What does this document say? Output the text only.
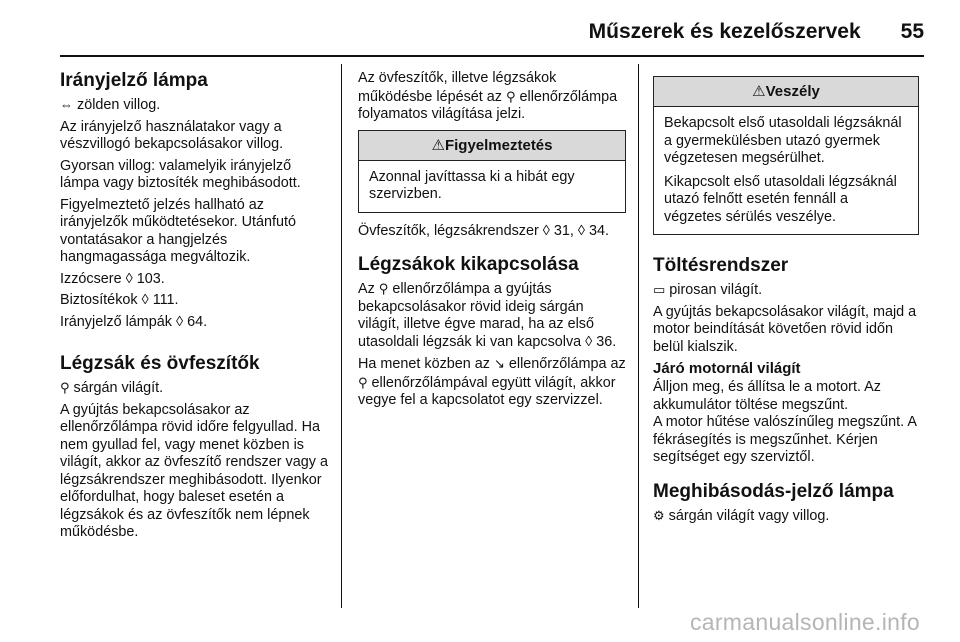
Műszerek és kezelőszervek 55
Irányjelző lámpa

⇔ zölden villog.

Az irányjelző használatakor vagy a vészvillogó bekapcsolásakor villog.

Gyorsan villog: valamelyik irányjelző lámpa vagy biztosíték meghibásodott.

Figyelmeztető jelzés hallható az irányjelzők működtetésekor. Utánfutó vontatásakor a hangjelzés hangmagassága megváltozik.

Izzócsere ◊ 103.

Biztosítékok ◊ 111.

Irányjelző lámpák ◊ 64.

Légzsák és övfeszítők

⚲ sárgán világít.

A gyújtás bekapcsolásakor az ellenőrzőlámpa rövid időre felgyullad. Ha nem gyullad fel, vagy menet közben is világít, akkor az övfeszítő rendszer vagy a légzsákrendszer meghibásodott. Ilyenkor előfordulhat, hogy baleset esetén a légzsákok és az övfeszítők nem lépnek működésbe.

Az övfeszítők, illetve légzsákok működésbe lépését az ⚲ ellenőrzőlámpa folyamatos világítása jelzi.

⚠Figyelmeztetés

Azonnal javíttassa ki a hibát egy szervizben.

Övfeszítők, légzsákrendszer ◊ 31, ◊ 34.

Légzsákok kikapcsolása

Az ⚲ ellenőrzőlámpa a gyújtás bekapcsolásakor rövid ideig sárgán világít, illetve égve marad, ha az első utasoldali légzsák ki van kapcsolva ◊ 36.

Ha menet közben az ↘ ellenőrzőlámpa az ⚲ ellenőrzőlámpával együtt világít, akkor vegye fel a kapcsolatot egy szervizzel.

⚠Veszély

Bekapcsolt első utasoldali légzsáknál a gyermekülésben utazó gyermek végzetesen megsérülhet.

Kikapcsolt első utasoldali légzsáknál utazó felnőtt esetén fennáll a végzetes sérülés veszélye.

Töltésrendszer

▭ pirosan világít.

A gyújtás bekapcsolásakor világít, majd a motor beindítását követően rövid időn belül kialszik.

Járó motornál világít

Álljon meg, és állítsa le a motort. Az akkumulátor töltése megszűnt.

A motor hűtése valószínűleg megszűnt. A fékrásegítés is megszűnhet. Kérjen segítséget egy szerviztől.

Meghibásodás-jelző lámpa

⚙ sárgán világít vagy villog.

carmanualsonline.info
